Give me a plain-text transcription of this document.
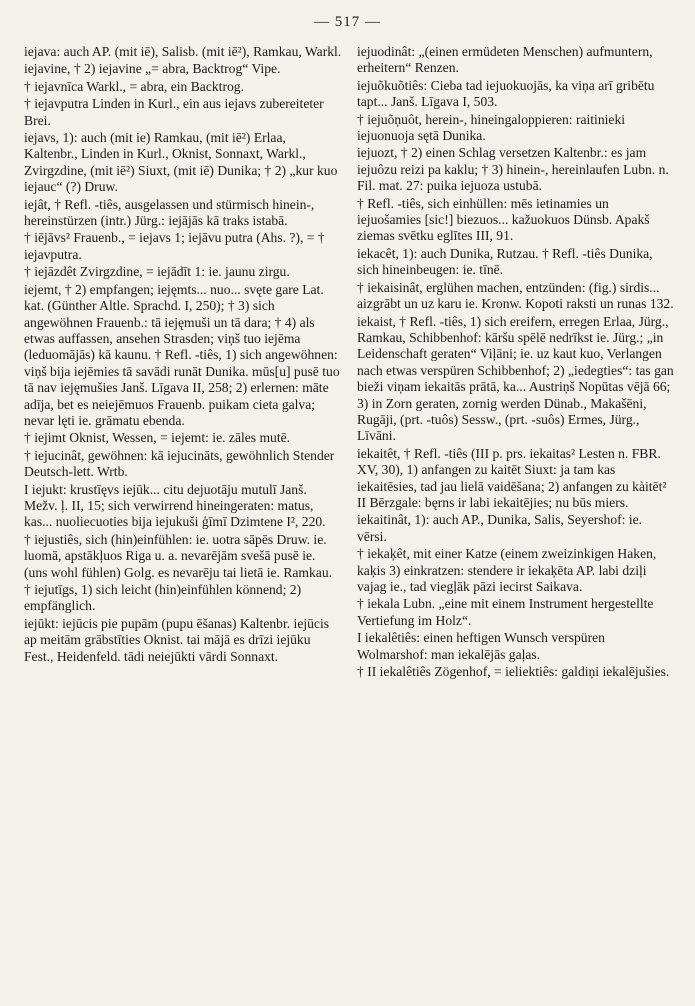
— 517 —

iejava: auch AP. (mit iē), Salisb. (mit iē²), Ramkau, Warkl.

iejavine, † 2) iejavine „= abra, Backtrog“ Vipe.

† iejavnīca Warkl., = abra, ein Backtrog.

† iejavputra Linden in Kurl., ein aus iejavs zubereiteter Brei.

iejavs, 1): auch (mit ie) Ramkau, (mit iē²) Erlaa, Kaltenbr., Linden in Kurl., Oknist, Sonnaxt, Warkl., Zvirgzdine, (mit iē²) Siuxt, (mit iē) Dunika; † 2) „kur kuo iejauc“ (?) Druw.

iejât, † Refl. -tiês, ausgelassen und stürmisch hinein-, hereinstürzen (intr.) Jürg.: iejājās kā traks istabā.

† iējāvs² Frauenb., = iejavs 1; iejāvu putra (Ahs. ?), = † iejavputra.

† iejāzdêt Zvirgzdine, = iejādīt 1: ie. jaunu zirgu.

iejemt, † 2) empfangen; iejęmts... nuo... svęte gare Lat. kat. (Günther Altle. Sprachd. I, 250); † 3) sich angewöhnen Frauenb.: tā iejęmuši un tā dara; † 4) als etwas auffassen, ansehen Strasden; viņš tuo iejēma (leduomājās) kā kaunu. † Refl. -tiês, 1) sich angewöhnen: viņš bija iejēmies tā savādi runāt Dunika. mūs[u] pusē tuo tā nav iejęmušies Janš. Līgava II, 258; 2) erlernen: māte adīja, bet es neiejēmuos Frauenb. puikam cieta galva; nevar lęti ie. grāmatu ebenda.

† iejimt Oknist, Wessen, = iejemt: ie. zāles mutē.

† iejucinât, gewöhnen: kā iejucināts, gewöhnlich Stender Deutsch-lett. Wrtb.

I iejukt: krustīęvs iejūk... citu dejuotāju mutulī Janš. Mežv. ļ. II, 15; sich verwirrend hineingeraten: matus, kas... nuoliecuoties bija iejukuši ģīmī Dzimtene I², 220.

† iejustiês, sich (hin)einfühlen: ie. uotra sāpēs Druw. ie. luomā, apstākļuos Riga u. a. nevarējām svešā pusē ie. (uns wohl fühlen) Golg. es nevarēju tai lietā ie. Ramkau.

† iejutīgs, 1) sich leicht (hin)einfühlen könnend; 2) empfänglich.

iejūkt: iejūcis pie pupām (pupu ēšanas) Kaltenbr. iejūcis ap meitām grābstīties Oknist. tai mājā es drīzi iejūku Fest., Heidenfeld. tādi neiejūkti vārdi Sonnaxt.

iejuodinât: „(einen ermüdeten Menschen) aufmuntern, erheitern“ Renzen.

iejuõkuõtiês: Cieba tad iejuokuojās, ka viņa arī gribētu tapt... Janš. Līgava I, 503.

† iejuõņuôt, herein-, hineingaloppieren: raitinieki iejuonuoja sętā Dunika.

iejuozt, † 2) einen Schlag versetzen Kaltenbr.: es jam iejuôzu reizi pa kaklu; † 3) hinein-, hereinlaufen Lubn. n. Fil. mat. 27: puika iejuoza ustubā.

† Refl. -tiês, sich einhüllen: mēs ietinamies un iejuošamies [sic!] biezuos... kažuokuos Dünsb. Apakš ziemas svētku eglītes III, 91.

iekacêt, 1): auch Dunika, Rutzau. † Refl. -tiês Dunika, sich hineinbeugen: ie. tīnē.

† iekaisinât, erglühen machen, entzünden: (fig.) sirdis... aizgrābt un uz karu ie. Kronw. Kopoti raksti un runas 132.

iekaist, † Refl. -tiês, 1) sich ereifern, erregen Erlaa, Jürg., Ramkau, Schibbenhof: kāršu spēlē nedrīkst ie. Jürg.; „in Leidenschaft geraten“ Viļāni; ie. uz kaut kuo, Verlangen nach etwas verspüren Schibbenhof; 2) „iedegties“: tas gan bieži viņam iekaitās prātā, ka... Austriņš Nopūtas vējā 66; 3) in Zorn geraten, zornig werden Dünab., Makašēni, Rugāji, (prt. -tuôs) Sessw., (prt. -suôs) Ermes, Jürg., Līvāni.

iekaitêt, † Refl. -tiês (III p. prs. iekaitas² Lesten n. FBR. XV, 30), 1) anfangen zu kaitēt Siuxt: ja tam kas iekaitēsies, tad jau lielā vaidēšana; 2) anfangen zu kàitēt² II Bērzgale: bęrns ir labi iekaitējies; nu būs miers.

iekaitinât, 1): auch AP., Dunika, Salis, Seyershof: ie. vērsi.

† iekaķêt, mit einer Katze (einem zweizinkigen Haken, kaķis 3) einkratzen: stendere ir iekaķēta AP. labi dziļi vajag ie., tad viegļāk pāzi iecirst Saikava.

† iekala Lubn. „eine mit einem Instrument hergestellte Vertiefung im Holz“.

I iekalêtiês: einen heftigen Wunsch verspüren Wolmarshof: man iekalējās gaļas.

† II iekalêtiês Zögenhof, = ieliektiês: galdiņi iekalējušies.
